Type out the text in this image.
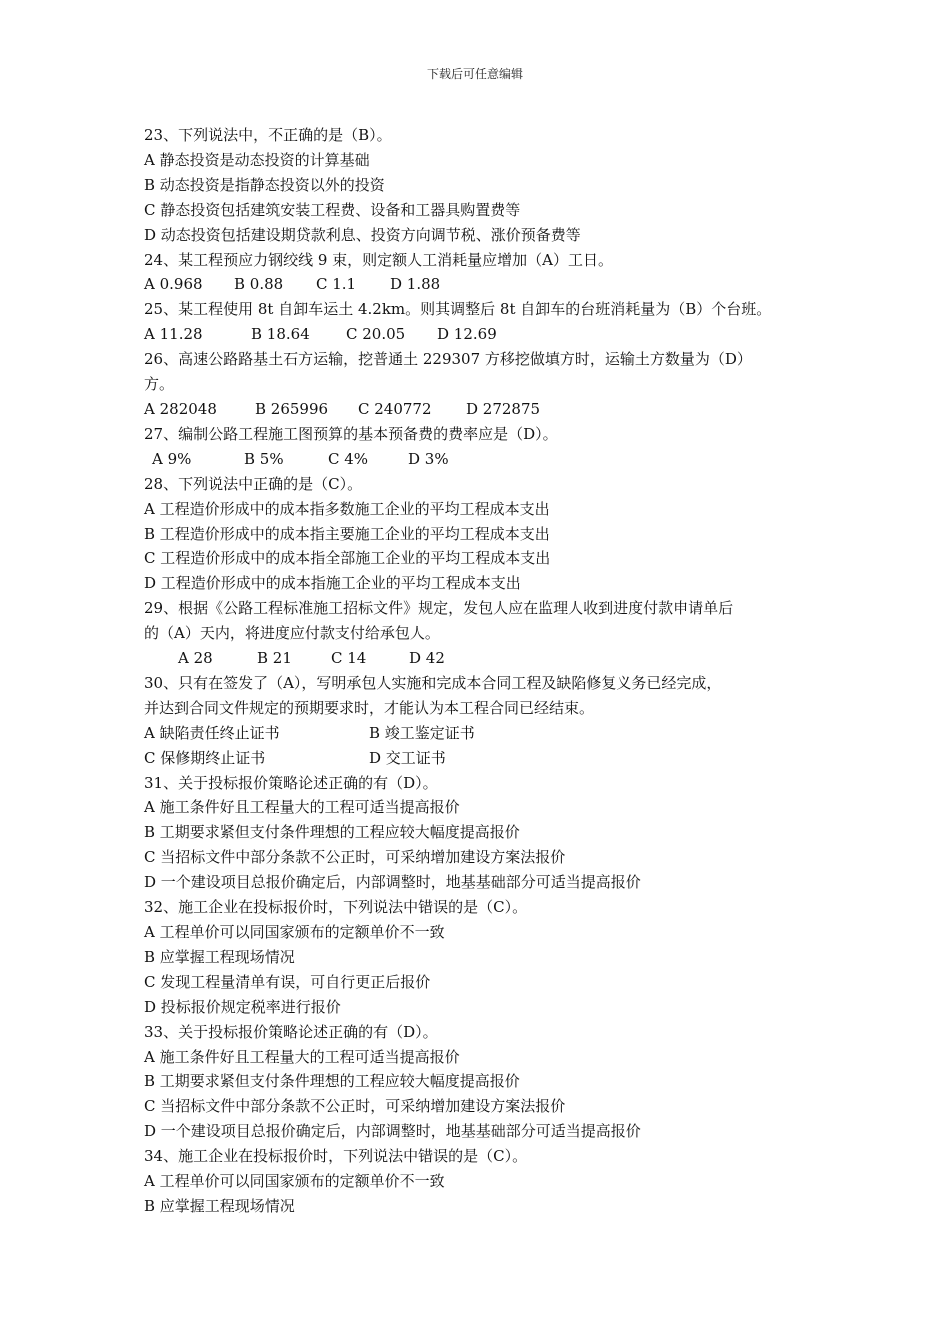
下载后可任意编辑
23、下列说法中，不正确的是（B）。
A 静态投资是动态投资的计算基础
B 动态投资是指静态投资以外的投资
C 静态投资包括建筑安装工程费、设备和工器具购置费等
D 动态投资包括建设期贷款利息、投资方向调节税、涨价预备费等
24、某工程预应力钢绞线 9 束，则定额人工消耗量应增加（A）工日。
A 0.968	B 0.88	C 1.1	D 1.88
25、某工程使用 8t 自卸车运土 4.2km。则其调整后 8t 自卸车的台班消耗量为（B）个台班。
A 11.28	B 18.64	C 20.05	D 12.69
26、高速公路路基土石方运输，挖普通土 229307 方移挖做填方时，运输土方数量为（D）
方。
A 282048	B 265996	C 240772	D 272875
27、编制公路工程施工图预算的基本预备费的费率应是（D）。
A 9%	B 5%	C 4%	D 3%
28、下列说法中正确的是（C）。
A 工程造价形成中的成本指多数施工企业的平均工程成本支出
B 工程造价形成中的成本指主要施工企业的平均工程成本支出
C 工程造价形成中的成本指全部施工企业的平均工程成本支出
D 工程造价形成中的成本指施工企业的平均工程成本支出
29、根据《公路工程标准施工招标文件》规定，发包人应在监理人收到进度付款申请单后
的（A）天内，将进度应付款支付给承包人。
A 28	B 21	C 14	D 42
30、只有在签发了（A），写明承包人实施和完成本合同工程及缺陷修复义务已经完成，
并达到合同文件规定的预期要求时，才能认为本工程合同已经结束。
A 缺陷责任终止证书	B 竣工鉴定证书
C 保修期终止证书	D 交工证书
31、关于投标报价策略论述正确的有（D）。
A 施工条件好且工程量大的工程可适当提高报价
B 工期要求紧但支付条件理想的工程应较大幅度提高报价
C 当招标文件中部分条款不公正时，可采纳增加建设方案法报价
D 一个建设项目总报价确定后，内部调整时，地基基础部分可适当提高报价
32、施工企业在投标报价时，下列说法中错误的是（C）。
A 工程单价可以同国家颁布的定额单价不一致
B 应掌握工程现场情况
C 发现工程量清单有误，可自行更正后报价
D 投标报价规定税率进行报价
33、关于投标报价策略论述正确的有（D）。
A 施工条件好且工程量大的工程可适当提高报价
B 工期要求紧但支付条件理想的工程应较大幅度提高报价
C 当招标文件中部分条款不公正时，可采纳增加建设方案法报价
D 一个建设项目总报价确定后，内部调整时，地基基础部分可适当提高报价
34、施工企业在投标报价时，下列说法中错误的是（C）。
A 工程单价可以同国家颁布的定额单价不一致
B 应掌握工程现场情况
